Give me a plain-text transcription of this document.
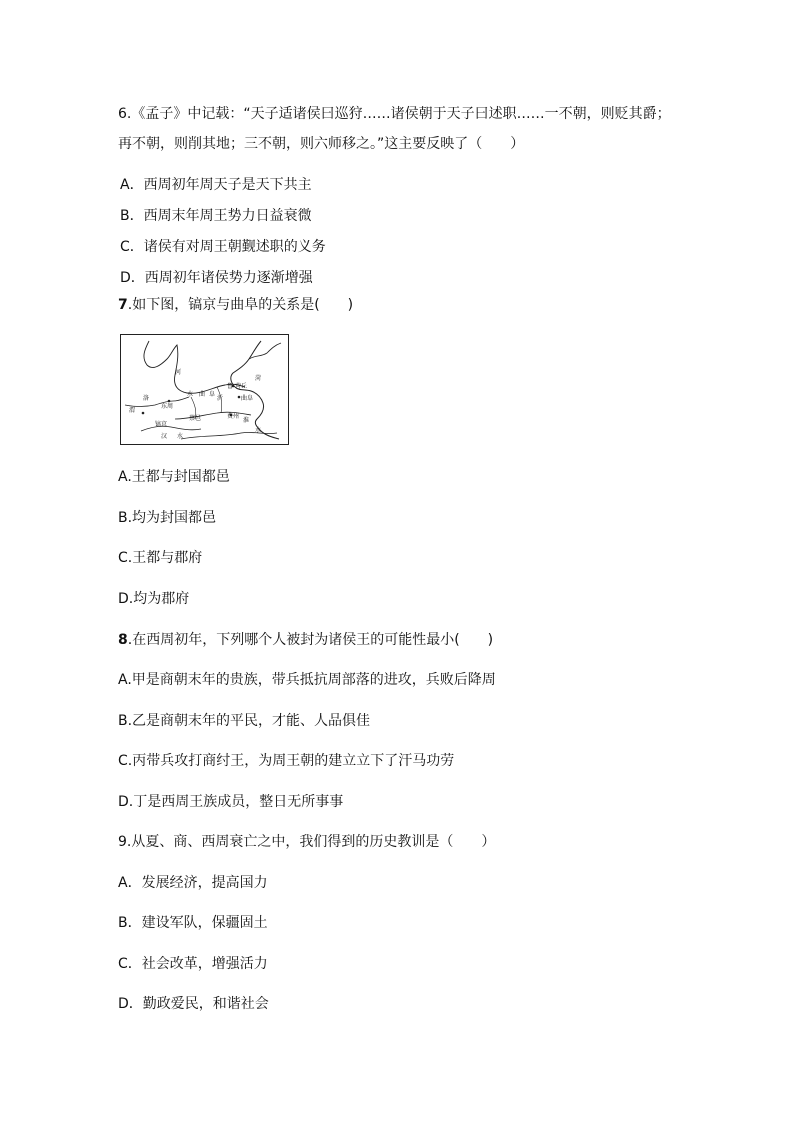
6.《孟子》中记载：“天子适诸侯曰巡狩……诸侯朝于天子曰述职……一不朝，则贬其爵；
再不朝，则削其地；三不朝，则六师移之。”这主要反映了（　　）
A．西周初年周天子是天下共主
B．西周末年周王势力日益衰微
C．诸侯有对周王朝觐述职的义务
D．西周初年诸侯势力逐渐增强
7.如下图，镐京与曲阜的关系是(　　)
河
水
洛
东周
曲 阜
鲁 营丘
曲阜
镐京
渭
汉 水
水
蔡邑	淮
沂
菏
费州
A.王都与封国都邑
B.均为封国都邑
C.王都与郡府
D.均为郡府
8.在西周初年，下列哪个人被封为诸侯王的可能性最小(　　)
A.甲是商朝末年的贵族，带兵抵抗周部落的进攻，兵败后降周
B.乙是商朝末年的平民，才能、人品俱佳
C.丙带兵攻打商纣王，为周王朝的建立立下了汗马功劳
D.丁是西周王族成员，整日无所事事
9.从夏、商、西周衰亡之中，我们得到的历史教训是（　　）
A．发展经济，提高国力
B．建设军队，保疆固土
C．社会改革，增强活力
D．勤政爱民，和谐社会
